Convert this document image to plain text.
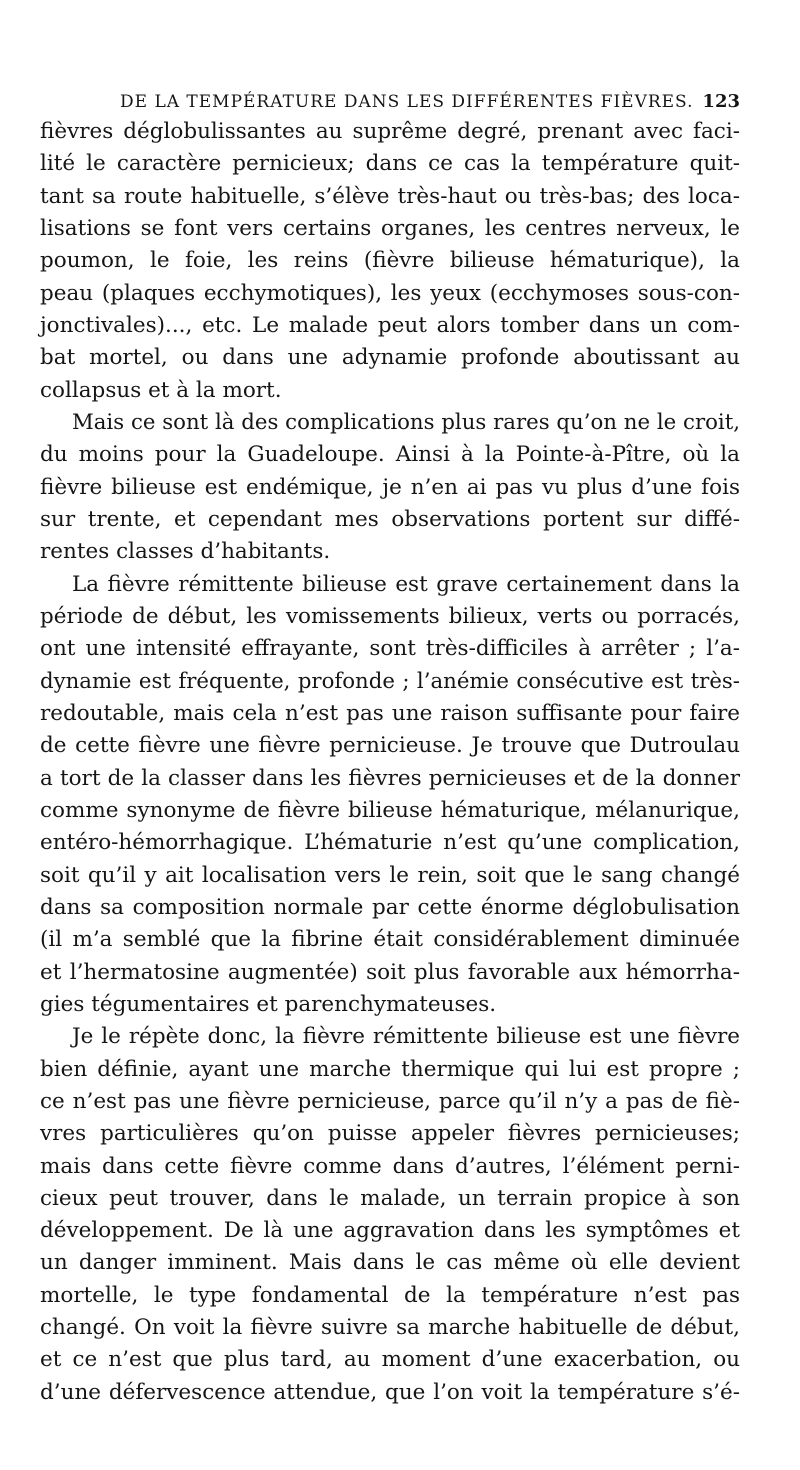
DE LA TEMPÉRATURE DANS LES DIFFÉRENTES FIÈVRES. 123
fièvres déglobulissantes au suprême degré, prenant avec faci-
lité le caractère pernicieux; dans ce cas la température quit-
tant sa route habituelle, s’élève très-haut ou très-bas; des loca-
lisations se font vers certains organes, les centres nerveux, le
poumon, le foie, les reins (fièvre bilieuse hématurique), la
peau (plaques ecchymotiques), les yeux (ecchymoses sous-con-
jonctivales)..., etc. Le malade peut alors tomber dans un com-
bat mortel, ou dans une adynamie profonde aboutissant au
collapsus et à la mort.
Mais ce sont là des complications plus rares qu’on ne le croit,
du moins pour la Guadeloupe. Ainsi à la Pointe-à-Pître, où la
fièvre bilieuse est endémique, je n’en ai pas vu plus d’une fois
sur trente, et cependant mes observations portent sur diffé-
rentes classes d’habitants.
La fièvre rémittente bilieuse est grave certainement dans la
période de début, les vomissements bilieux, verts ou porracés,
ont une intensité effrayante, sont très-difficiles à arrêter ; l’a-
dynamie est fréquente, profonde ; l’anémie consécutive est très-
redoutable, mais cela n’est pas une raison suffisante pour faire
de cette fièvre une fièvre pernicieuse. Je trouve que Dutroulau
a tort de la classer dans les fièvres pernicieuses et de la donner
comme synonyme de fièvre bilieuse hématurique, mélanurique,
entéro-hémorrhagique. L’hématurie n’est qu’une complication,
soit qu’il y ait localisation vers le rein, soit que le sang changé
dans sa composition normale par cette énorme déglobulisation
(il m’a semblé que la fibrine était considérablement diminuée
et l’hermatosine augmentée) soit plus favorable aux hémorrha-
gies tégumentaires et parenchymateuses.
Je le répète donc, la fièvre rémittente bilieuse est une fièvre
bien définie, ayant une marche thermique qui lui est propre ;
ce n’est pas une fièvre pernicieuse, parce qu’il n’y a pas de fiè-
vres particulières qu’on puisse appeler fièvres pernicieuses;
mais dans cette fièvre comme dans d’autres, l’élément perni-
cieux peut trouver, dans le malade, un terrain propice à son
développement. De là une aggravation dans les symptômes et
un danger imminent. Mais dans le cas même où elle devient
mortelle, le type fondamental de la température n’est pas
changé. On voit la fièvre suivre sa marche habituelle de début,
et ce n’est que plus tard, au moment d’une exacerbation, ou
d’une défervescence attendue, que l’on voit la température s’é-
